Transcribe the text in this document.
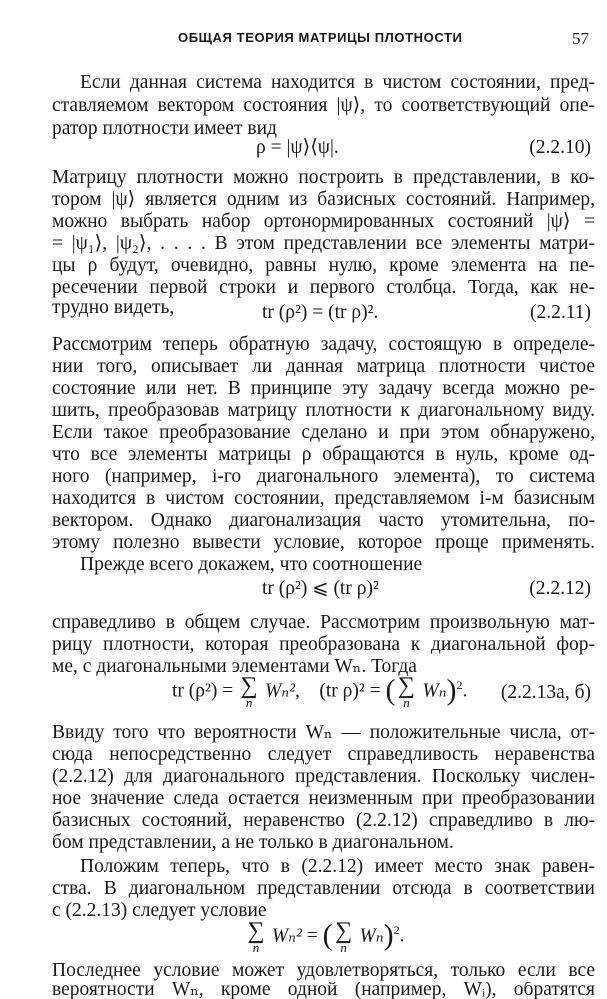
ОБЩАЯ ТЕОРИЯ МАТРИЦЫ ПЛОТНОСТИ	57
Если данная система находится в чистом состоянии, пред-
ставляемом вектором состояния |ψ⟩, то соответствующий опе-
ратор плотности имеет вид
ρ = |ψ⟩⟨ψ|.	(2.2.10)
Матрицу плотности можно построить в представлении, в ко-
тором |ψ⟩ является одним из базисных состояний. Например,
можно выбрать набор ортонормированных состояний |ψ⟩ =
= |ψ₁⟩, |ψ₂⟩, . . . . В этом представлении все элементы матри-
цы ρ будут, очевидно, равны нулю, кроме элемента на пе-
ресечении первой строки и первого столбца. Тогда, как не-
трудно видеть,	tr (ρ²) = (tr ρ)².	(2.2.11)
Рассмотрим теперь обратную задачу, состоящую в определе-
нии того, описывает ли данная матрица плотности чистое
состояние или нет. В принципе эту задачу всегда можно ре-
шить, преобразовав матрицу плотности к диагональному виду.
Если такое преобразование сделано и при этом обнаружено,
что все элементы матрицы ρ обращаются в нуль, кроме од-
ного (например, i-го диагонального элемента), то система
находится в чистом состоянии, представляемом i-м базисным
вектором. Однако диагонализация часто утомительна, по-
этому полезно вывести условие, которое проще применять.
Прежде всего докажем, что соотношение
tr (ρ²) ⩽ (tr ρ)²	(2.2.12)
справедливо в общем случае. Рассмотрим произвольную мат-
рицу плотности, которая преобразована к диагональной фор-
ме, с диагональными элементами Wₙ. Тогда
tr (ρ²) = ∑
n
Wₙ², (tr ρ)² = ( ∑
n
Wₙ)$^2$. (2.2.13а, б)
Ввиду того что вероятности Wₙ — положительные числа, от-
сюда непосредственно следует справедливость неравенства
(2.2.12) для диагонального представления. Поскольку числен-
ное значение следа остается неизменным при преобразовании
базисных состояний, неравенство (2.2.12) справедливо в лю-
бом представлении, а не только в диагональном.
Положим теперь, что в (2.2.12) имеет место знак равен-
ства. В диагональном представлении отсюда в соответствии
с (2.2.13) следует условие
∑
n
Wₙ² = ( ∑
n
Wₙ)$^2$.
Последнее условие может удовлетворяться, только если все
вероятности Wₙ, кроме одной (например, Wᵢ), обратятся
